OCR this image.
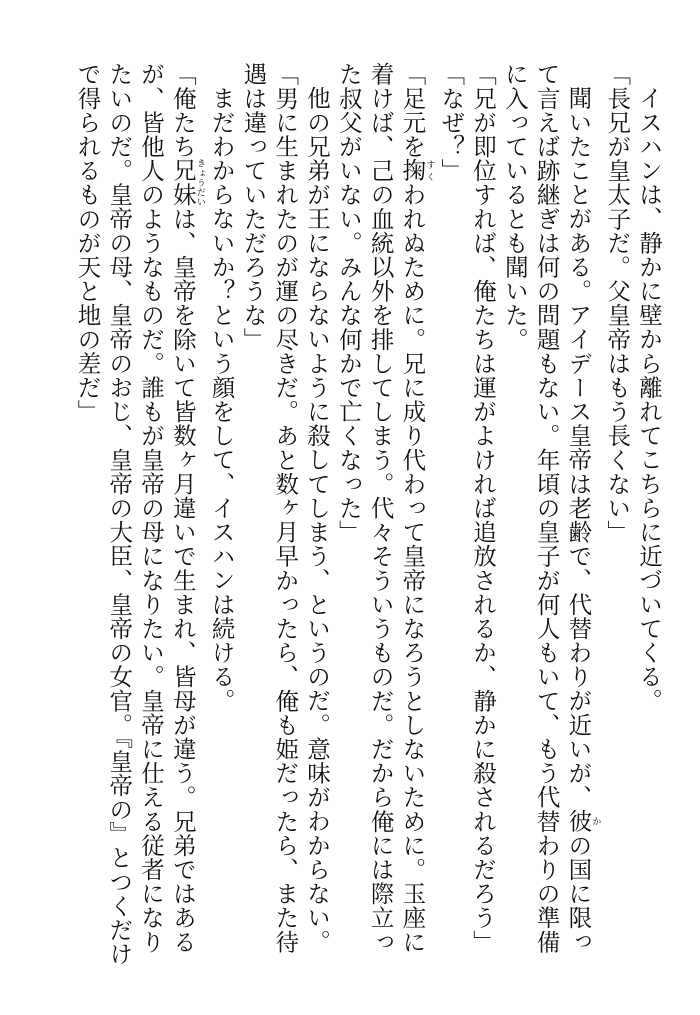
イスハンは、静かに壁から離れてこちらに近づいてくる。

「長兄が皇太子だ。父皇帝はもう長くない」

聞いたことがある。アイデース皇帝は老齢で、代替わりが近いが、彼かの国に限って言えば跡継ぎは何の問題もない。年頃の皇子が何人もいて、もう代替わりの準備に入っているとも聞いた。

「兄が即位すれば、俺たちは運がよければ追放されるか、静かに殺されるだろう」

「なぜ？」

「足元を掬すくわれぬために。兄に成り代わって皇帝になろうとしないために。玉座に着けば、己の血統以外を排してしまう。代々そういうものだ。だから俺には際立った叔父がいない。みんな何かで亡くなった」

他の兄弟が王にならないように殺してしまう、というのだ。意味がわからない。

「男に生まれたのが運の尽きだ。あと数ヶ月早かったら、俺も姫だったら、また待遇は違っていただろうな」

まだわからないか？という顔をして、イスハンは続ける。

「俺たち兄妹きょうだいは、皇帝を除いて皆数ヶ月違いで生まれ、皆母が違う。兄弟ではあるが、皆他人のようなものだ。誰もが皇帝の母になりたい。皇帝に仕える従者になりたいのだ。皇帝の母、皇帝のおじ、皇帝の大臣、皇帝の女官。『皇帝の』とつくだけで得られるものが天と地の差だ」
